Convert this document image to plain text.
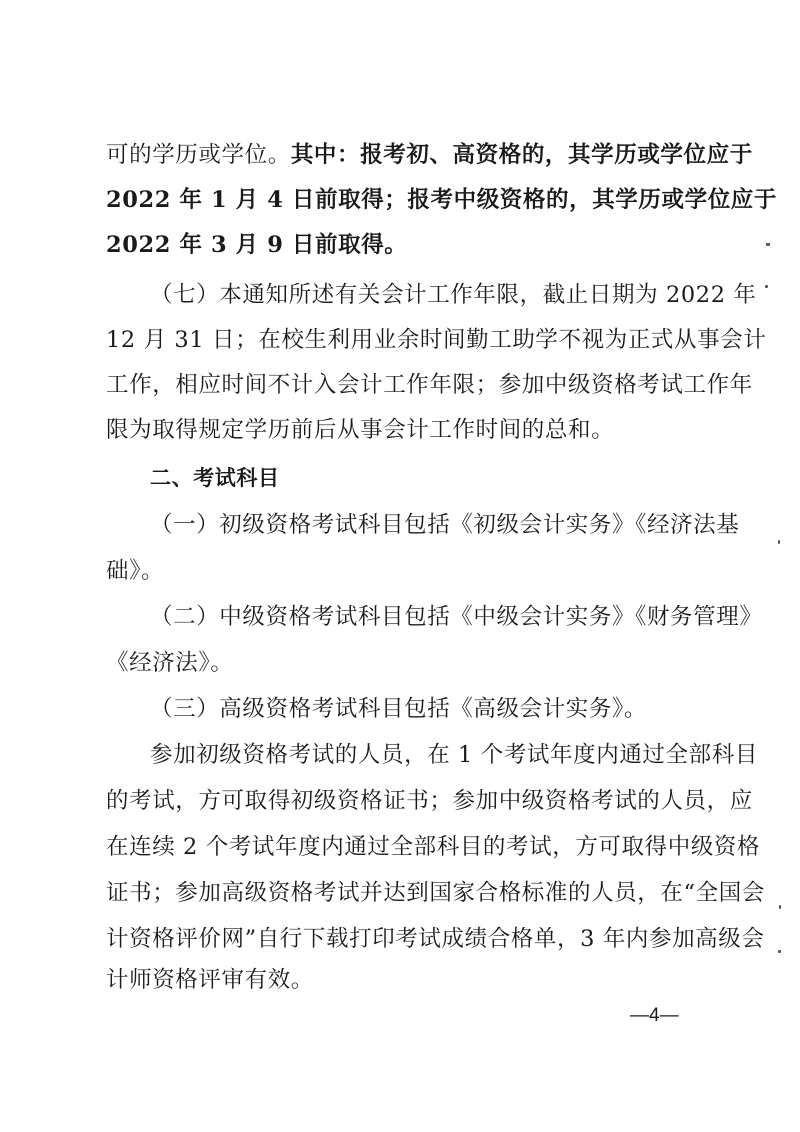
可的学历或学位。其中：报考初、高资格的，其学历或学位应于
2022 年 1 月 4 日前取得；报考中级资格的，其学历或学位应于
2022 年 3 月 9 日前取得。
（七）本通知所述有关会计工作年限，截止日期为 2022 年
12 月 31 日；在校生利用业余时间勤工助学不视为正式从事会计
工作，相应时间不计入会计工作年限；参加中级资格考试工作年
限为取得规定学历前后从事会计工作时间的总和。
二、考试科目
（一）初级资格考试科目包括《初级会计实务》《经济法基
础》。
（二）中级资格考试科目包括《中级会计实务》《财务管理》
《经济法》。
（三）高级资格考试科目包括《高级会计实务》。
参加初级资格考试的人员，在 1 个考试年度内通过全部科目
的考试，方可取得初级资格证书；参加中级资格考试的人员，应
在连续 2 个考试年度内通过全部科目的考试，方可取得中级资格
证书；参加高级资格考试并达到国家合格标准的人员，在“全国会
计资格评价网”自行下载打印考试成绩合格单，3 年内参加高级会
计师资格评审有效。
—4—
